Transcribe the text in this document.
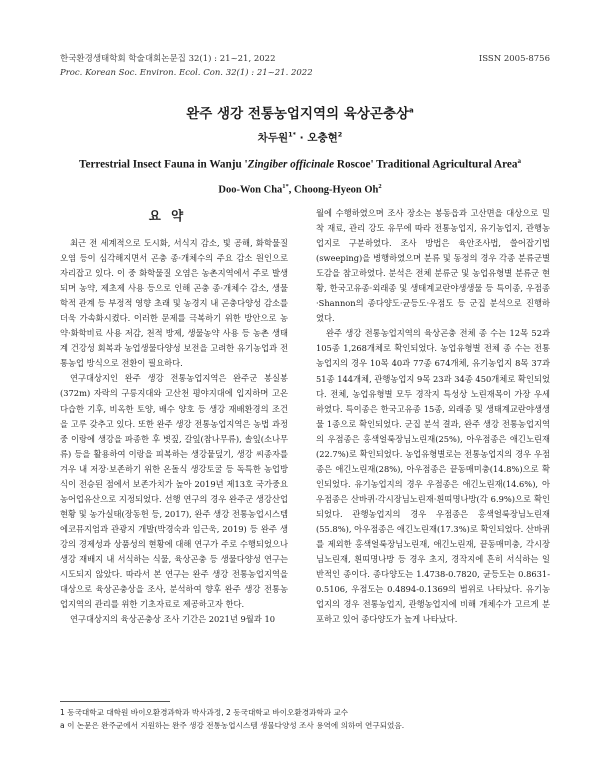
한국환경생태학회 학술대회논문집 32(1) : 21~21, 2022	ISSN 2005-8756
Proc. Korean Soc. Environ. Ecol. Con. 32(1) : 21~21. 2022
완주 생강 전통농업지역의 육상곤충상$^a$
차두원$^{1*}$ · 오충현$^2$
Terrestrial Insect Fauna in Wanju 'Zingiber officinale Roscoe' Traditional Agricultural Area$^a$
Doo-Won Cha$^{1*}$, Choong-Hyeon Oh$^2$
요 약

최근 전 세계적으로 도시화, 서식지 감소, 빛 공해, 화학물질 오염 등이 심각해지면서 곤충 종·개체수의 주요 감소 원인으로 자리잡고 있다. 이 중 화학물질 오염은 농촌지역에서 주로 발생되며 농약, 제초제 사용 등으로 인해 곤충 종·개체수 감소, 생물학적 관계 등 부정적 영향 초래 및 농경지 내 곤충다양성 감소를 더욱 가속화시켰다. 이러한 문제를 극복하기 위한 방안으로 농약·화학비료 사용 저감, 천적 방제, 생물농약 사용 등 농촌 생태계 건강성 회복과 농업생물다양성 보전을 고려한 유기농업과 전통농업 방식으로 전환이 필요하다.

연구대상지인 완주 생강 전통농업지역은 완주군 봉실봉(372m) 자락의 구릉지대와 고산천 평야지대에 입지하며 고온다습한 기후, 비옥한 토양, 배수 양호 등 생강 재배환경의 조건을 고루 갖추고 있다. 또한 완주 생강 전통농업지역은 농법 과정 중 이랑에 생강을 파종한 후 볏짚, 갈잎(참나무류), 솔잎(소나무류) 등을 활용하여 이랑을 피복하는 생강뭍덮기, 생강 씨종자를 겨우 내 저장·보존하기 위한 온돌식 생강토굴 등 독특한 농업방식이 전승된 점에서 보존가치가 높아 2019년 제13호 국가중요농어업유산으로 지정되었다. 선행 연구의 경우 완주군 생강산업 현황 및 농가실태(장동헌 등, 2017), 완주 생강 전통농업시스템 에코뮤지엄과 관광지 개발(박경숙과 임근욱, 2019) 등 완주 생강의 경제성과 상품성의 현황에 대해 연구가 주로 수행되었으나 생강 재배지 내 서식하는 식물, 육상곤충 등 생물다양성 연구는 시도되지 않았다. 따라서 본 연구는 완주 생강 전통농업지역을 대상으로 육상곤충상을 조사, 분석하여 향후 완주 생강 전통농업지역의 관리를 위한 기초자료로 제공하고자 한다.

연구대상지의 육상곤충상 조사 기간은 2021년 9월과 10

월에 수행하였으며 조사 장소는 봉동읍과 고산면을 대상으로 밀착 재료, 관리 강도 유무에 따라 전통농업지, 유기농업지, 관행농업지로 구분하였다. 조사 방법은 육안조사법, 쓸어잡기법(sweeping)을 병행하였으며 분류 및 동정의 경우 각종 분류군별 도감을 참고하였다. 분석은 전체 분류군 및 농업유형별 분류군 현황, 한국고유종·외래종 및 생태계교란야생생물 등 특이종, 우점종·Shannon의 종다양도·균등도·우점도 등 군집 분석으로 진행하였다.

완주 생강 전통농업지역의 육상곤충 전체 종 수는 12목 52과 105종 1,268개체로 확인되었다. 농업유형별 전체 종 수는 전통농업지의 경우 10목 40과 77종 674개체, 유기농업지 8목 37과 51종 144개체, 관행농업지 9목 23과 34종 450개체로 확인되었다. 전체, 농업유형별 모두 경작지 특성상 노린재목이 가장 우세하였다. 특이종은 한국고유종 15종, 외래종 및 생태계교란야생생물 1종으로 확인되었다. 군집 분석 결과, 완주 생강 전통농업지역의 우점종은 홍색얼룩장님노린재(25%), 아우점종은 애긴노린재(22.7%)로 확인되었다. 농업유형별로는 전통농업지의 경우 우점종은 애긴노린재(28%), 아우점종은 끝동매미충(14.8%)으로 확인되었다. 유기농업지의 경우 우점종은 애긴노린재(14.6%), 아우점종은 산바퀴·각시장님노린재·흰띠명나방(각 6.9%)으로 확인되었다. 관행농업지의 경우 우점종은 홍색얼룩장님노린재(55.8%), 아우점종은 애긴노린재(17.3%)로 확인되었다. 산바퀴를 제외한 홍색얼룩장님노린재, 애긴노린재, 끝동매미충, 각시장님노린재, 흰띠명나방 등 경우 초지, 경작지에 흔히 서식하는 일반적인 종이다. 종다양도는 1.4738-0.7820, 균등도는 0.8631-0.5106, 우점도는 0.4894-0.1369의 범위로 나타났다. 유기농업지의 경우 전통농업지, 관행농업지에 비해 개체수가 고르게 분포하고 있어 종다양도가 높게 나타났다.

1 동국대학교 대학원 바이오환경과학과 박사과정, 2 동국대학교 바이오환경과학과 교수
a 이 논문은 완주군에서 지원하는 완주 생강 전통농업시스템 생물다양성 조사 용역에 의하여 연구되었음.
